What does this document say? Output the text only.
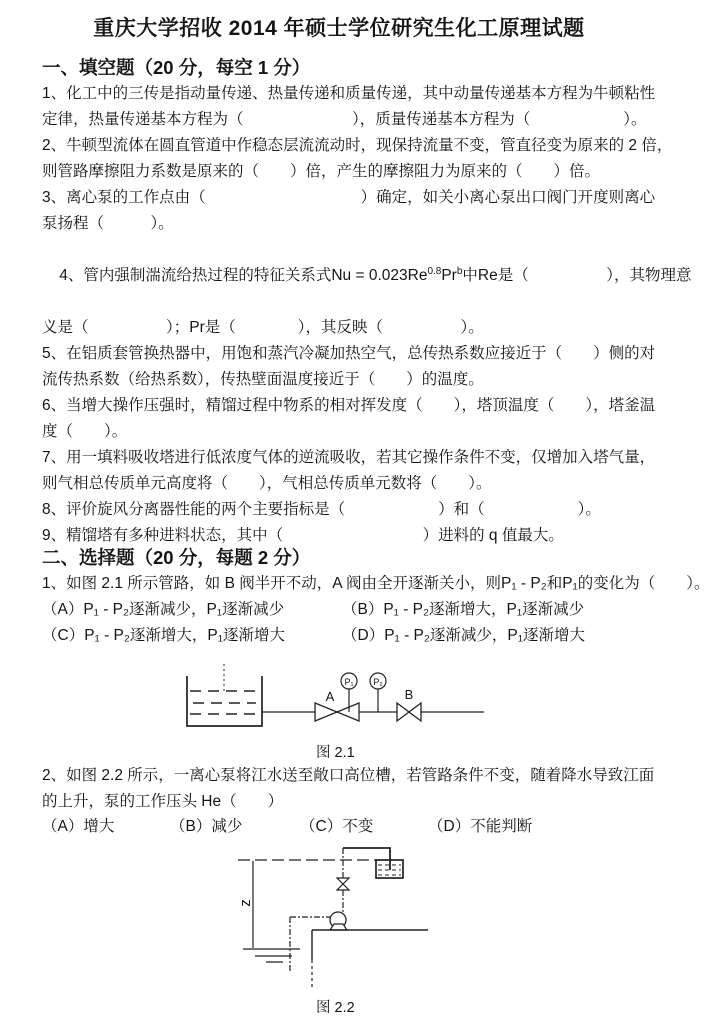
重庆大学招收 2014 年硕士学位研究生化工原理试题
一、填空题（20 分，每空 1 分）
1、化工中的三传是指动量传递、热量传递和质量传递，其中动量传递基本方程为牛顿粘性
定律，热量传递基本方程为（　　　　　　　），质量传递基本方程为（　　　　　　）。
2、牛顿型流体在圆直管道中作稳态层流流动时，现保持流量不变，管直径变为原来的 2 倍，
则管路摩擦阻力系数是原来的（　　）倍，产生的摩擦阻力为原来的（　　）倍。
3、离心泵的工作点由（　　　　　　　　　　）确定，如关小离心泵出口阀门开度则离心
泵扬程（　　　）。

4、管内强制湍流给热过程的特征关系式$Nu = 0.023Re^{0.8}Pr^b$中Re是（　　　　　），其物理意

义是（　　　　　）；Pr是（　　　　），其反映（　　　　　）。
5、在铝质套管换热器中，用饱和蒸汽冷凝加热空气，总传热系数应接近于（　　）侧的对
流传热系数（给热系数），传热壁面温度接近于（　　）的温度。
6、当增大操作压强时，精馏过程中物系的相对挥发度（　　），塔顶温度（　　），塔釜温
度（　　）。
7、用一填料吸收塔进行低浓度气体的逆流吸收，若其它操作条件不变，仅增加入塔气量，
则气相总传质单元高度将（　　），气相总传质单元数将（　　）。
8、评价旋风分离器性能的两个主要指标是（　　　　　　）和（　　　　　　）。
9、精馏塔有多种进料状态，其中（　　　　　　　　　）进料的 q 值最大。
二、选择题（20 分，每题 2 分）
1、如图 2.1 所示管路，如 B 阀半开不动，A 阀由全开逐渐关小，则P₁ - P₂和P₁的变化为（　　）。
（A）P₁ - P₂逐渐减少，P₁逐渐减少	（B）P₁ - P₂逐渐增大，P₁逐渐减少
（C）P₁ - P₂逐渐增大，P₁逐渐增大	（D）P₁ - P₂逐渐减少，P₁逐渐增大
A
P₁ P₂
B
图 2.1
2、如图 2.2 所示，一离心泵将江水送至敞口高位槽，若管路条件不变，随着降水导致江面
的上升，泵的工作压头 He（　　）
（A）增大	（B）减少	（C）不变	（D）不能判断
z
图 2.2
